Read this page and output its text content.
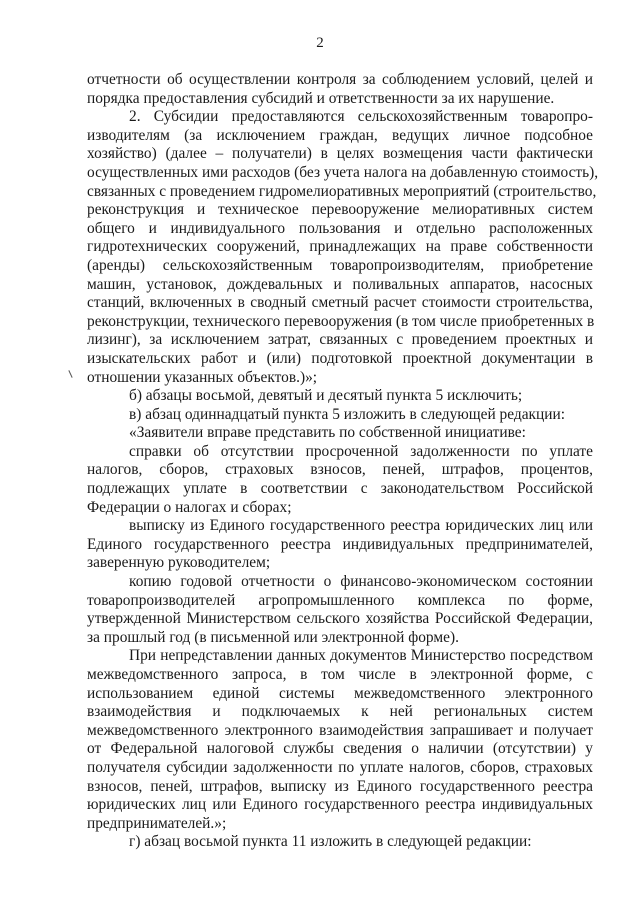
2
отчетности об осуществлении контроля за соблюдением условий, целей и
порядка предоставления субсидий и ответственности за их нарушение.
2. Субсидии предоставляются сельскохозяйственным товаропро-
изводителям (за исключением граждан, ведущих личное подсобное
хозяйство) (далее – получатели) в целях возмещения части фактически
осуществленных ими расходов (без учета налога на добавленную стоимость),
связанных с проведением гидромелиоративных мероприятий (строительство,
реконструкция и техническое перевооружение мелиоративных систем
общего и индивидуального пользования и отдельно расположенных
гидротехнических сооружений, принадлежащих на праве собственности
(аренды) сельскохозяйственным товаропроизводителям, приобретение
машин, установок, дождевальных и поливальных аппаратов, насосных
станций, включенных в сводный сметный расчет стоимости строительства,
реконструкции, технического перевооружения (в том числе приобретенных в
лизинг), за исключением затрат, связанных с проведением проектных и
изыскательских работ и (или) подготовкой проектной документации в
отношении указанных объектов.)»;
б) абзацы восьмой, девятый и десятый пункта 5 исключить;
в) абзац одиннадцатый пункта 5 изложить в следующей редакции:
«Заявители вправе представить по собственной инициативе:
справки об отсутствии просроченной задолженности по уплате
налогов, сборов, страховых взносов, пеней, штрафов, процентов,
подлежащих уплате в соответствии с законодательством Российской
Федерации о налогах и сборах;
выписку из Единого государственного реестра юридических лиц или
Единого государственного реестра индивидуальных предпринимателей,
заверенную руководителем;
копию годовой отчетности о финансово-экономическом состоянии
товаропроизводителей агропромышленного комплекса по форме,
утвержденной Министерством сельского хозяйства Российской Федерации,
за прошлый год (в письменной или электронной форме).
При непредставлении данных документов Министерство посредством
межведомственного запроса, в том числе в электронной форме, с
использованием единой системы межведомственного электронного
взаимодействия и подключаемых к ней региональных систем
межведомственного электронного взаимодействия запрашивает и получает
от Федеральной налоговой службы сведения о наличии (отсутствии) у
получателя субсидии задолженности по уплате налогов, сборов, страховых
взносов, пеней, штрафов, выписку из Единого государственного реестра
юридических лиц или Единого государственного реестра индивидуальных
предпринимателей.»;
г) абзац восьмой пункта 11 изложить в следующей редакции:
